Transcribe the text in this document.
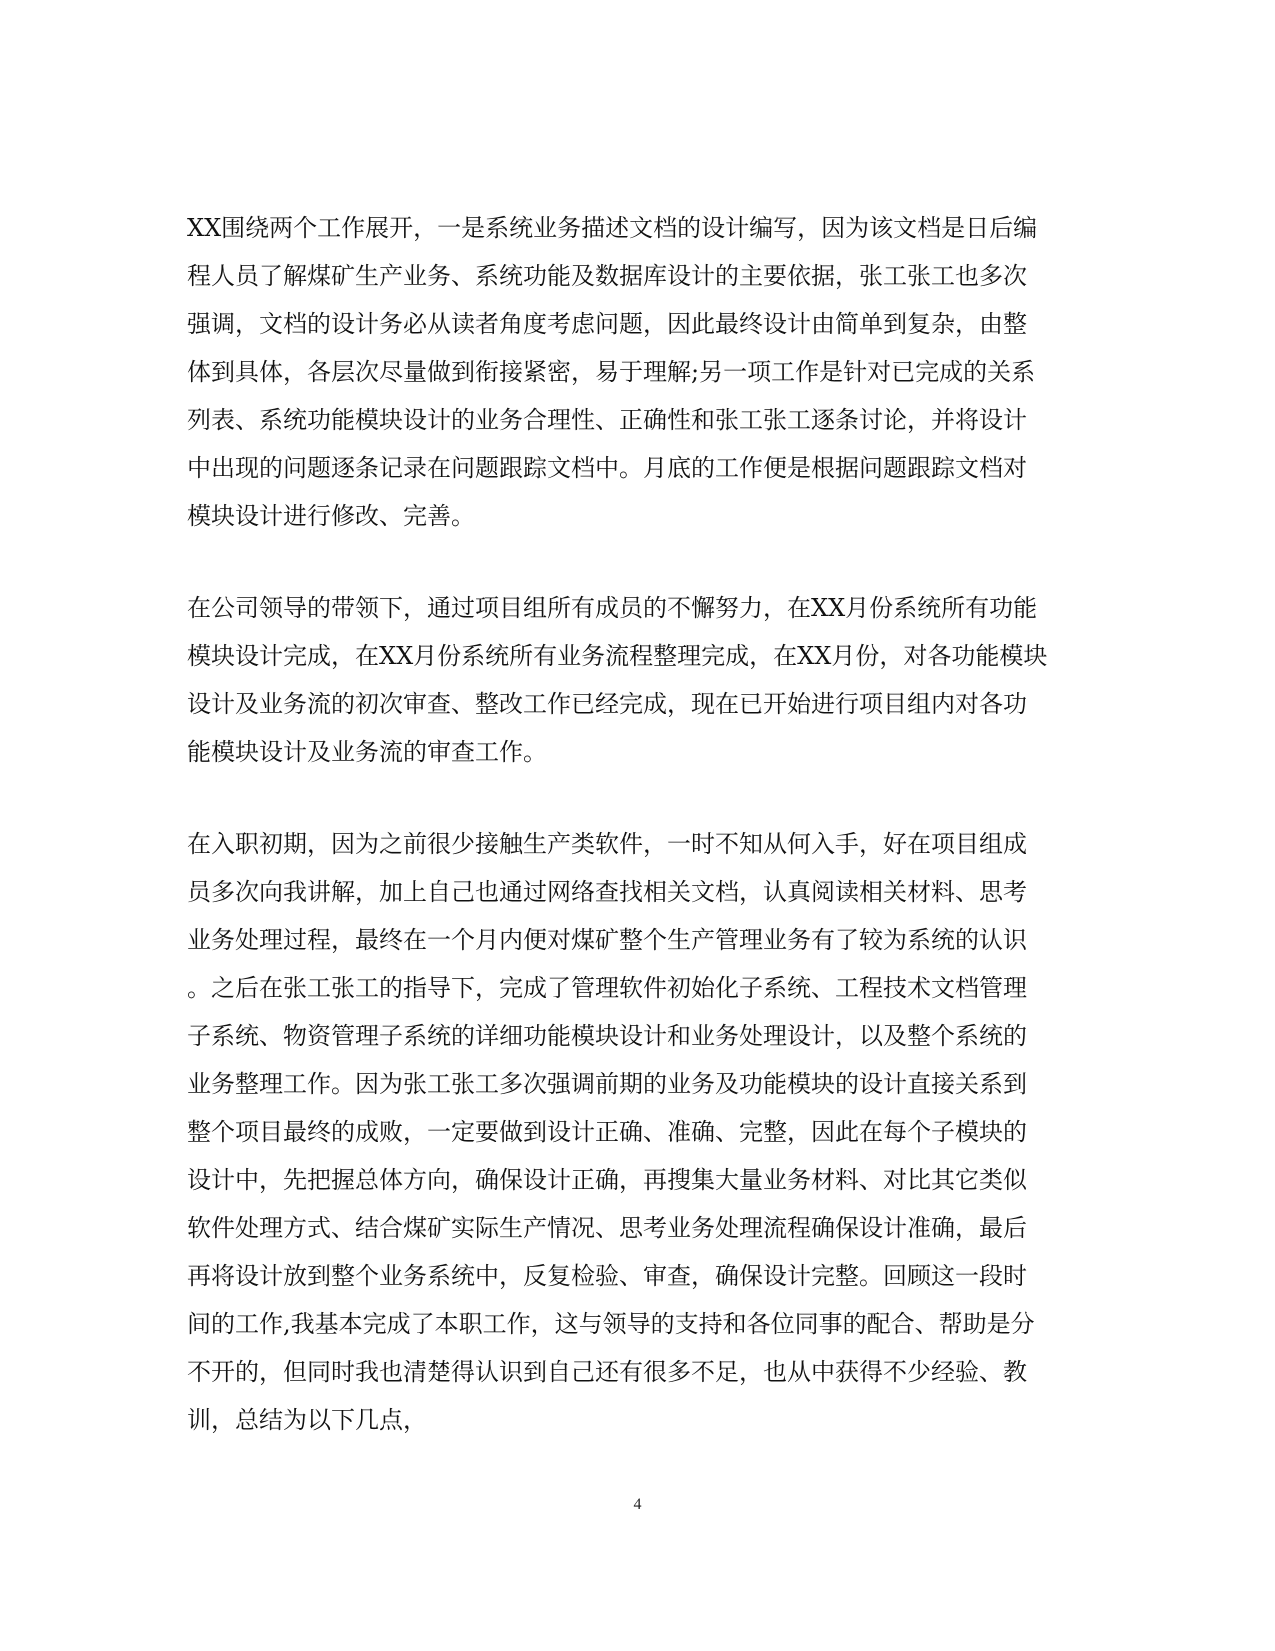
XX围绕两个工作展开，一是系统业务描述文档的设计编写，因为该文档是日后编
程人员了解煤矿生产业务、系统功能及数据库设计的主要依据，张工张工也多次
强调，文档的设计务必从读者角度考虑问题，因此最终设计由简单到复杂，由整
体到具体，各层次尽量做到衔接紧密，易于理解;另一项工作是针对已完成的关系
列表、系统功能模块设计的业务合理性、正确性和张工张工逐条讨论，并将设计
中出现的问题逐条记录在问题跟踪文档中。月底的工作便是根据问题跟踪文档对
模块设计进行修改、完善。

在公司领导的带领下，通过项目组所有成员的不懈努力，在XX月份系统所有功能
模块设计完成，在XX月份系统所有业务流程整理完成，在XX月份，对各功能模块
设计及业务流的初次审查、整改工作已经完成，现在已开始进行项目组内对各功
能模块设计及业务流的审查工作。

在入职初期，因为之前很少接触生产类软件，一时不知从何入手，好在项目组成
员多次向我讲解，加上自己也通过网络查找相关文档，认真阅读相关材料、思考
业务处理过程，最终在一个月内便对煤矿整个生产管理业务有了较为系统的认识
。之后在张工张工的指导下，完成了管理软件初始化子系统、工程技术文档管理
子系统、物资管理子系统的详细功能模块设计和业务处理设计，以及整个系统的
业务整理工作。因为张工张工多次强调前期的业务及功能模块的设计直接关系到
整个项目最终的成败，一定要做到设计正确、准确、完整，因此在每个子模块的
设计中，先把握总体方向，确保设计正确，再搜集大量业务材料、对比其它类似
软件处理方式、结合煤矿实际生产情况、思考业务处理流程确保设计准确，最后
再将设计放到整个业务系统中，反复检验、审查，确保设计完整。回顾这一段时
间的工作,我基本完成了本职工作，这与领导的支持和各位同事的配合、帮助是分
不开的，但同时我也清楚得认识到自己还有很多不足，也从中获得不少经验、教
训，总结为以下几点，

4
